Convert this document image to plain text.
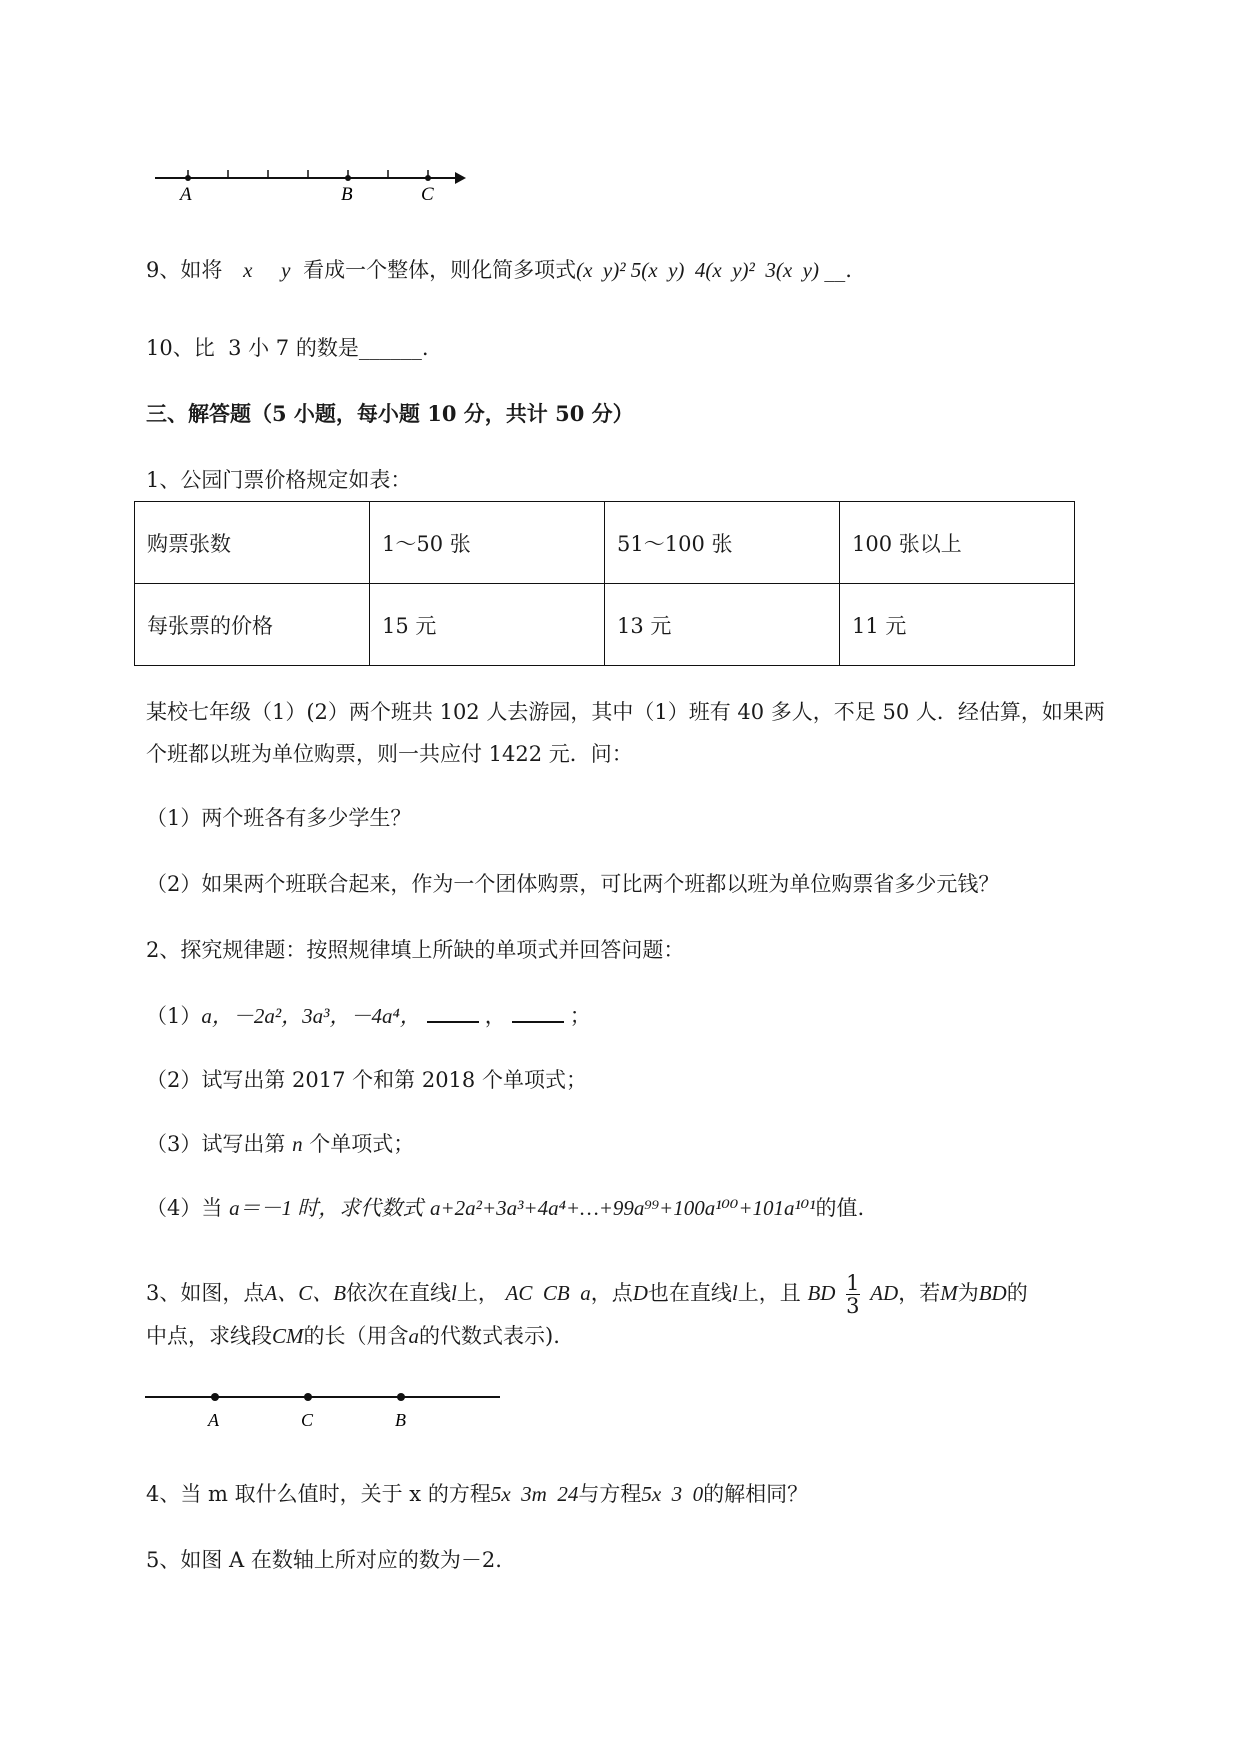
A	B	C
9、如将 x y 看成一个整体，则化简多项式(x  y)² 5(x  y)  4(x  y)²  3(x  y) __.
10、比  3 小 7 的数是______.
三、解答题（5 小题，每小题 10 分，共计 50 分）
1、公园门票价格规定如表：
购票张数	1～50 张	51～100 张	100 张以上
每张票的价格	15 元	13 元	11 元
某校七年级（1）(2）两个班共 102 人去游园，其中（1）班有 40 多人，不足 50 人．经估算，如果两
个班都以班为单位购票，则一共应付 1422 元．问：
（1）两个班各有多少学生？
（2）如果两个班联合起来，作为一个团体购票，可比两个班都以班为单位购票省多少元钱？
2、探究规律题：按照规律填上所缺的单项式并回答问题：
（1）a，－2a²，3a³，－4a⁴，	，	；
（2）试写出第 2017 个和第 2018 个单项式；
（3）试写出第 n 个单项式；
（4）当 a＝－1 时，求代数式 a+2a²+3a³+4a⁴+…+99a⁹⁹+100a¹⁰⁰+101a¹⁰¹的值.
3、如图，点A、C、B依次在直线l上， AC  CB  a，点D也在直线l上，且 BD $\frac{1}{3}$ AD，若M为BD的
中点，求线段CM的长（用含a的代数式表示).
A	C	B
4、当 m 取什么值时，关于 x 的方程5x  3m  24与方程5x  3  0的解相同？
5、如图 A 在数轴上所对应的数为－2.
